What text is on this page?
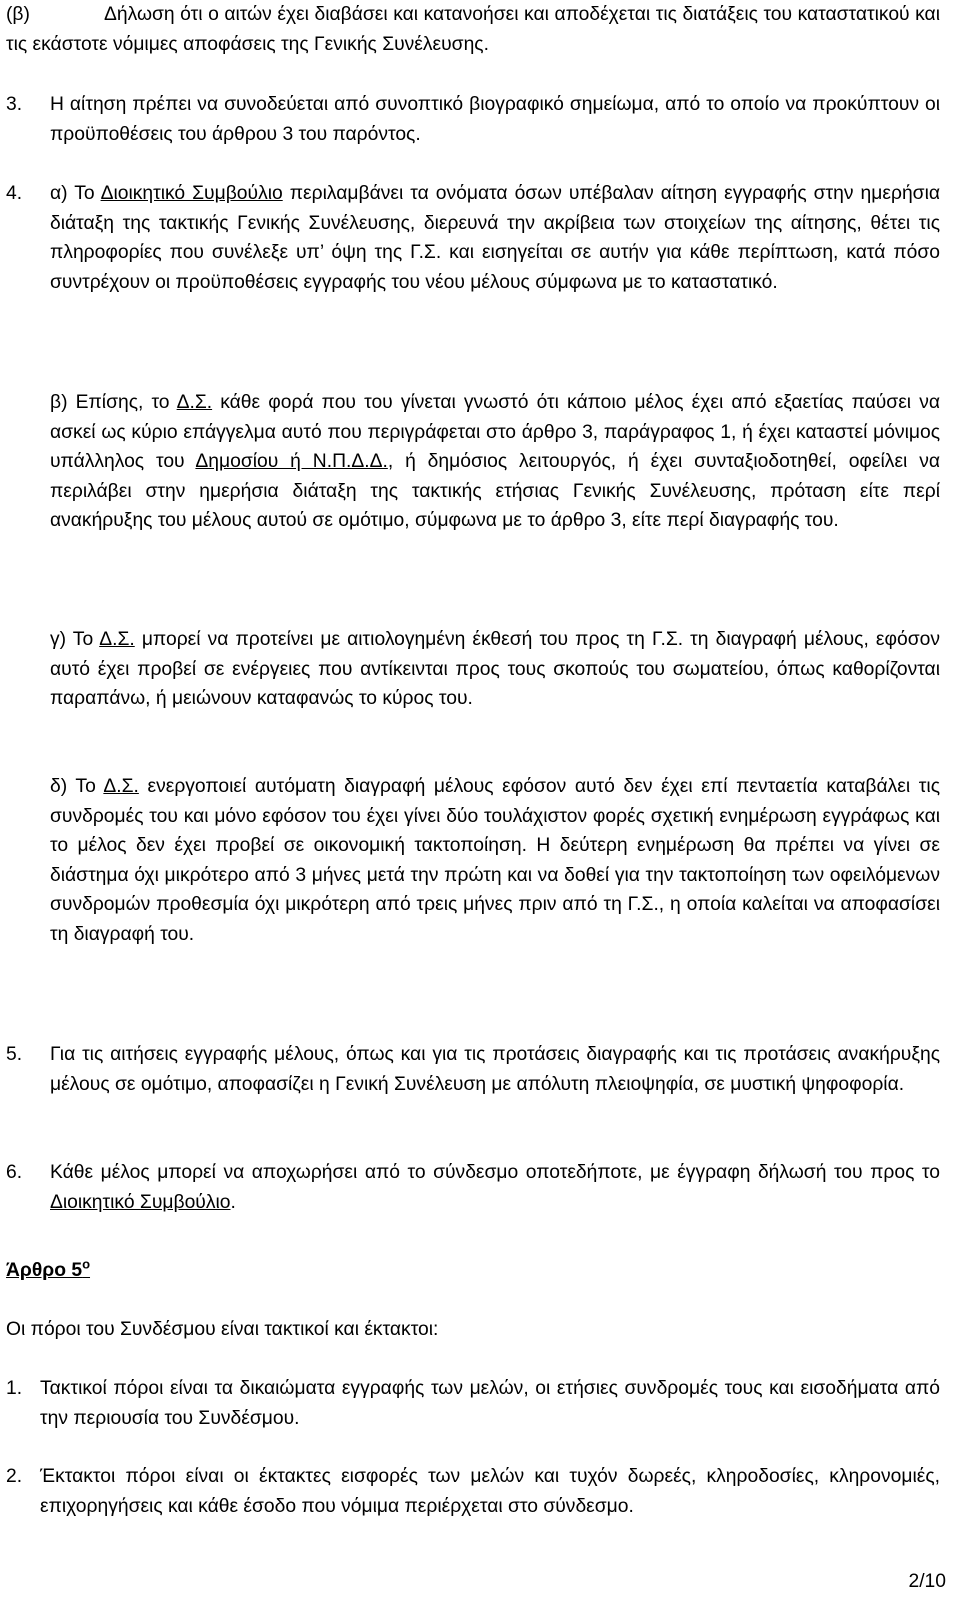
(β)	Δήλωση ότι ο αιτών έχει διαβάσει και κατανοήσει και αποδέχεται τις διατάξεις του καταστατικού και τις εκάστοτε νόμιμες αποφάσεις της Γενικής Συνέλευσης.
3. Η αίτηση πρέπει να συνοδεύεται από συνοπτικό βιογραφικό σημείωμα, από το οποίο να προκύπτουν οι προϋποθέσεις του άρθρου 3 του παρόντος.
4. α) Το Διοικητικό Συμβούλιο περιλαμβάνει τα ονόματα όσων υπέβαλαν αίτηση εγγραφής στην ημερήσια διάταξη της τακτικής Γενικής Συνέλευσης, διερευνά την ακρίβεια των στοιχείων της αίτησης, θέτει τις πληροφορίες που συνέλεξε υπ’ όψη της Γ.Σ. και εισηγείται σε αυτήν για κάθε περίπτωση, κατά πόσο συντρέχουν οι προϋποθέσεις εγγραφής του νέου μέλους σύμφωνα με το καταστατικό.
β) Επίσης, το Δ.Σ. κάθε φορά που του γίνεται γνωστό ότι κάποιο μέλος έχει από εξαετίας παύσει να ασκεί ως κύριο επάγγελμα αυτό που περιγράφεται στο άρθρο 3, παράγραφος 1, ή έχει καταστεί μόνιμος υπάλληλος του Δημοσίου ή Ν.Π.Δ.Δ., ή δημόσιος λειτουργός, ή έχει συνταξιοδοτηθεί, οφείλει να περιλάβει στην ημερήσια διάταξη της τακτικής ετήσιας Γενικής Συνέλευσης, πρόταση είτε περί ανακήρυξης του μέλους αυτού σε ομότιμο, σύμφωνα με το άρθρο 3, είτε περί διαγραφής του.
γ) Το Δ.Σ. μπορεί να προτείνει με αιτιολογημένη έκθεσή του προς τη Γ.Σ. τη διαγραφή μέλους, εφόσον αυτό έχει προβεί σε ενέργειες που αντίκεινται προς τους σκοπούς του σωματείου, όπως καθορίζονται παραπάνω, ή μειώνουν καταφανώς το κύρος του.
δ) Το Δ.Σ. ενεργοποιεί αυτόματη διαγραφή μέλους εφόσον αυτό δεν έχει επί πενταετία καταβάλει τις συνδρομές του και μόνο εφόσον του έχει γίνει δύο τουλάχιστον φορές σχετική ενημέρωση εγγράφως και το μέλος δεν έχει προβεί σε οικονομική τακτοποίηση. Η δεύτερη ενημέρωση θα πρέπει να γίνει σε διάστημα όχι μικρότερο από 3 μήνες μετά την πρώτη και να δοθεί για την τακτοποίηση των οφειλόμενων συνδρομών προθεσμία όχι μικρότερη από τρεις μήνες πριν από τη Γ.Σ., η οποία καλείται να αποφασίσει τη διαγραφή του.
5. Για τις αιτήσεις εγγραφής μέλους, όπως και για τις προτάσεις διαγραφής και τις προτάσεις ανακήρυξης μέλους σε ομότιμο, αποφασίζει η Γενική Συνέλευση με απόλυτη πλειοψηφία, σε μυστική ψηφοφορία.
6. Κάθε μέλος μπορεί να αποχωρήσει από το σύνδεσμο οποτεδήποτε, με έγγραφη δήλωσή του προς το Διοικητικό Συμβούλιο.
Άρθρο $5^o$
Οι πόροι του Συνδέσμου είναι τακτικοί και έκτακτοι:
1. Τακτικοί πόροι είναι τα δικαιώματα εγγραφής των μελών, οι ετήσιες συνδρομές τους και εισοδήματα από την περιουσία του Συνδέσμου.
2. Έκτακτοι πόροι είναι οι έκτακτες εισφορές των μελών και τυχόν δωρεές, κληροδοσίες, κληρονομιές, επιχορηγήσεις και κάθε έσοδο που νόμιμα περιέρχεται στο σύνδεσμο.
2/10
